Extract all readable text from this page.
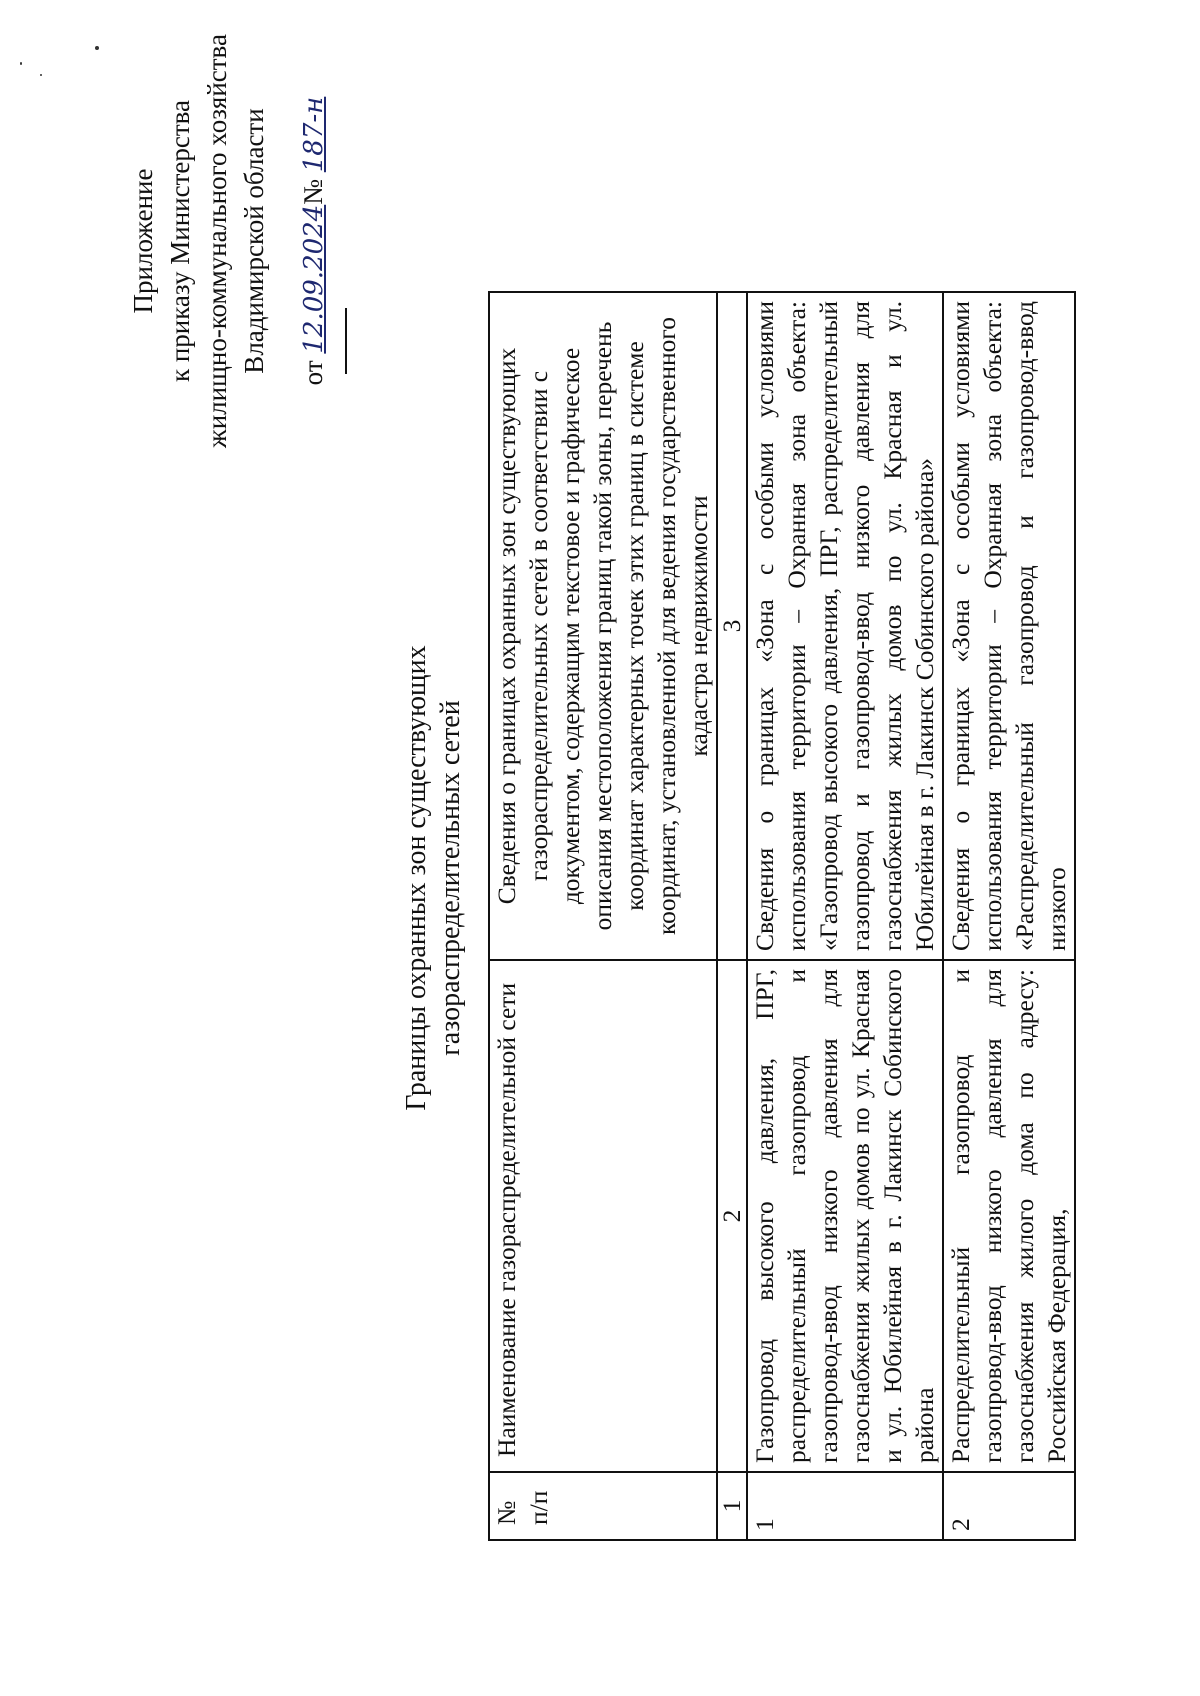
Приложение к приказу Министерства жилищно-коммунального хозяйства Владимирской области от 12.09.2024№ 187-н
Границы охранных зон существующих газораспределительных сетей
№ п/п	Наименование газораспределительной сети	Сведения о границах охранных зон существующих газораспределительных сетей в соответствии с документом, содержащим текстовое и графическое описания местоположения границ такой зоны, перечень координат характерных точек этих границ в системе координат, установленной для ведения государственного кадастра недвижимости
1	2	3
1	Газопровод высокого давления, ПРГ, распределительный газопровод и газопровод-ввод низкого давления для газоснабжения жилых домов по ул. Красная и ул. Юбилейная в г. Лакинск Собинского района	Сведения о границах «Зона с особыми условиями использования территории – Охранная зона объекта: «Газопровод высокого давления, ПРГ, распределительный газопровод и газопровод-ввод низкого давления для газоснабжения жилых домов по ул. Красная и ул. Юбилейная в г. Лакинск Собинского района»
2	Распределительный газопровод и газопровод-ввод низкого давления для газоснабжения жилого дома по адресу: Российская Федерация,	Сведения о границах «Зона с особыми условиями использования территории – Охранная зона объекта: «Распределительный газопровод и газопровод-ввод низкого
